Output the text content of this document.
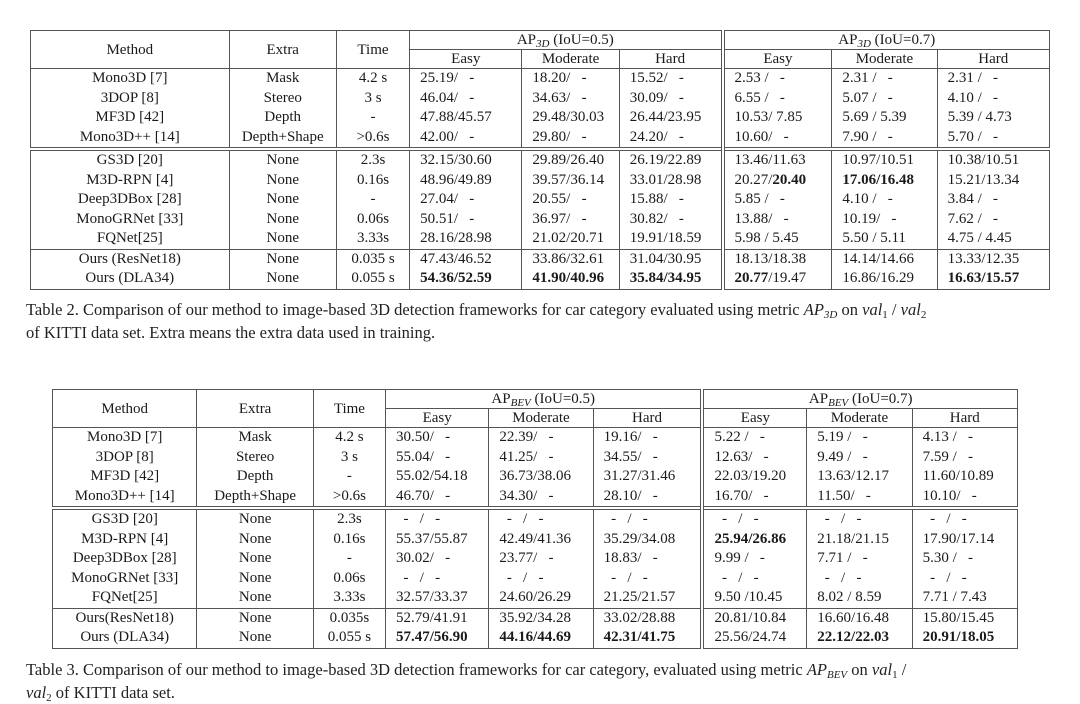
Method	Extra	Time	$AP_{3D}$ (IoU=0.5)			$AP_{3D}$ (IoU=0.7)		
			Easy	Moderate	Hard	Easy	Moderate	Hard
Mono3D [7]	Mask	4.2 s	25.19/   -	18.20/   -	15.52/   -	2.53 /   -	2.31 /   -	2.31 /   -
3DOP [8]	Stereo	3 s	46.04/   -	34.63/   -	30.09/   -	6.55 /   -	5.07 /   -	4.10 /   -
MF3D [42]	Depth	-	47.88/45.57	29.48/30.03	26.44/23.95	10.53/ 7.85	5.69 / 5.39	5.39 / 4.73
Mono3D++ [14]	Depth+Shape	>0.6s	42.00/   -	29.80/   -	24.20/   -	10.60/   -	7.90 /   -	5.70 /   -
GS3D [20]	None	2.3s	32.15/30.60	29.89/26.40	26.19/22.89	13.46/11.63	10.97/10.51	10.38/10.51
M3D-RPN [4]	None	0.16s	48.96/49.89	39.57/36.14	33.01/28.98	20.27/20.40	17.06/16.48	15.21/13.34
Deep3DBox [28]	None	-	27.04/   -	20.55/   -	15.88/   -	5.85 /   -	4.10 /   -	3.84 /   -
MonoGRNet [33]	None	0.06s	50.51/   -	36.97/   -	30.82/   -	13.88/   -	10.19/   -	7.62 /   -
FQNet[25]	None	3.33s	28.16/28.98	21.02/20.71	19.91/18.59	5.98 / 5.45	5.50 / 5.11	4.75 / 4.45
Ours (ResNet18)	None	0.035 s	47.43/46.52	33.86/32.61	31.04/30.95	18.13/18.38	14.14/14.66	13.33/12.35
Ours (DLA34)	None	0.055 s	54.36/52.59	41.90/40.96	35.84/34.95	20.77/19.47	16.86/16.29	16.63/15.57
Table 2. Comparison of our method to image-based 3D detection frameworks for car category evaluated using metric $AP_{3D}$ on val$_1$ / val$_2$
of KITTI data set. Extra means the extra data used in training.
Method	Extra	Time	$AP_{BEV}$ (IoU=0.5)			$AP_{BEV}$ (IoU=0.7)		
			Easy	Moderate	Hard	Easy	Moderate	Hard
Mono3D [7]	Mask	4.2 s	30.50/   -	22.39/   -	19.16/   -	5.22 /   -	5.19 /   -	4.13 /   -
3DOP [8]	Stereo	3 s	55.04/   -	41.25/   -	34.55/   -	12.63/   -	9.49 /   -	7.59 /   -
MF3D [42]	Depth	-	55.02/54.18	36.73/38.06	31.27/31.46	22.03/19.20	13.63/12.17	11.60/10.89
Mono3D++ [14]	Depth+Shape	>0.6s	46.70/   -	34.30/   -	28.10/   -	16.70/   -	11.50/   -	10.10/   -
GS3D [20]	None	2.3s	-   /   -	-   /   -	-   /   -	-   /   -	-   /   -	-   /   -
M3D-RPN [4]	None	0.16s	55.37/55.87	42.49/41.36	35.29/34.08	25.94/26.86	21.18/21.15	17.90/17.14
Deep3DBox [28]	None	-	30.02/   -	23.77/   -	18.83/   -	9.99 /   -	7.71 /   -	5.30 /   -
MonoGRNet [33]	None	0.06s	-   /   -	-   /   -	-   /   -	-   /   -	-   /   -	-   /   -
FQNet[25]	None	3.33s	32.57/33.37	24.60/26.29	21.25/21.57	9.50 /10.45	8.02 / 8.59	7.71 / 7.43
Ours(ResNet18)	None	0.035s	52.79/41.91	35.92/34.28	33.02/28.88	20.81/10.84	16.60/16.48	15.80/15.45
Ours (DLA34)	None	0.055 s	57.47/56.90	44.16/44.69	42.31/41.75	25.56/24.74	22.12/22.03	20.91/18.05
Table 3. Comparison of our method to image-based 3D detection frameworks for car category, evaluated using metric $AP_{BEV}$ on val$_1$ /
val$_2$ of KITTI data set.
